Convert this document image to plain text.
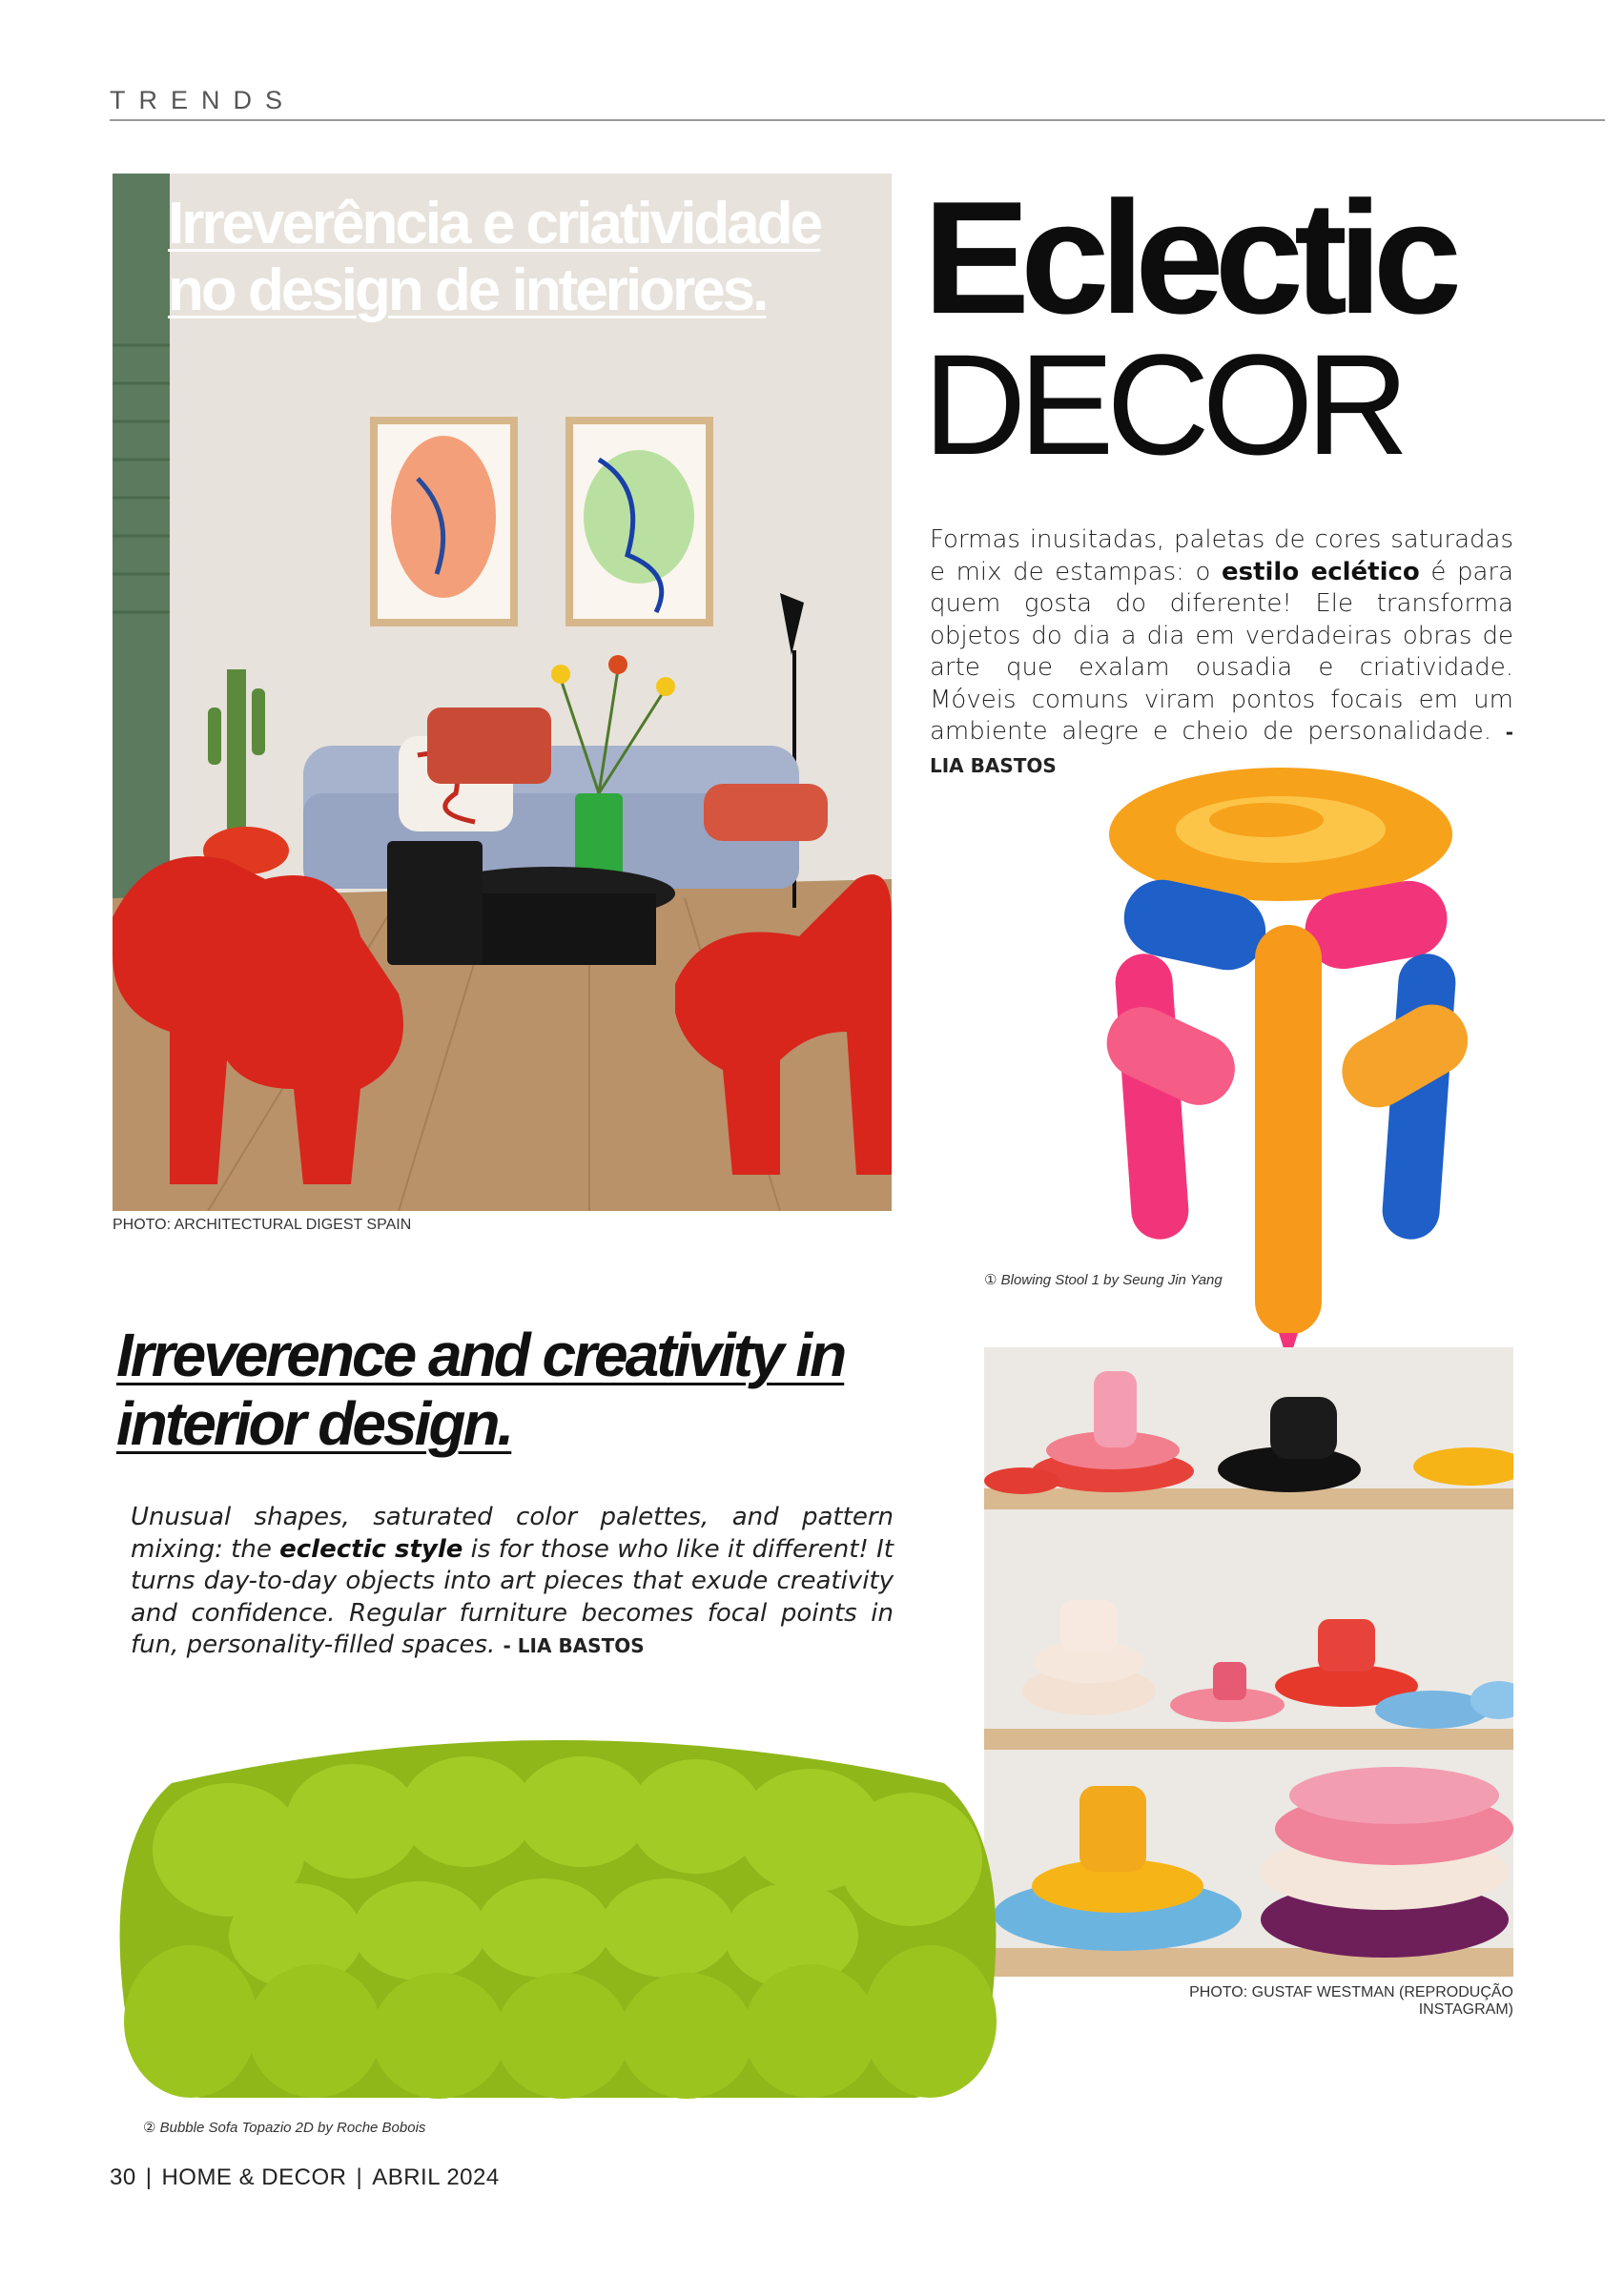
TRENDS
Irreverência e criatividade no design de interiores.
PHOTO: ARCHITECTURAL DIGEST SPAIN
Eclectic
DECOR
Formas inusitadas, paletas de cores saturadas e mix de estampas: o estilo eclético é para quem gosta do diferente! Ele transforma objetos do dia a dia em verdadeiras obras de arte que exalam ousadia e criatividade. Móveis comuns viram pontos focais em um ambiente alegre e cheio de personalidade. - LIA BASTOS
① Blowing Stool 1 by Seung Jin Yang
Irreverence and creativity in interior design.
Unusual shapes, saturated color palettes, and pattern mixing: the eclectic style is for those who like it different! It turns day-to-day objects into art pieces that exude creativity and confidence. Regular furniture becomes focal points in fun, personality-filled spaces. - LIA BASTOS
PHOTO: GUSTAF WESTMAN (REPRODUÇÃO INSTAGRAM)
② Bubble Sofa Topazio 2D by Roche Bobois
30 | HOME & DECOR | ABRIL 2024
